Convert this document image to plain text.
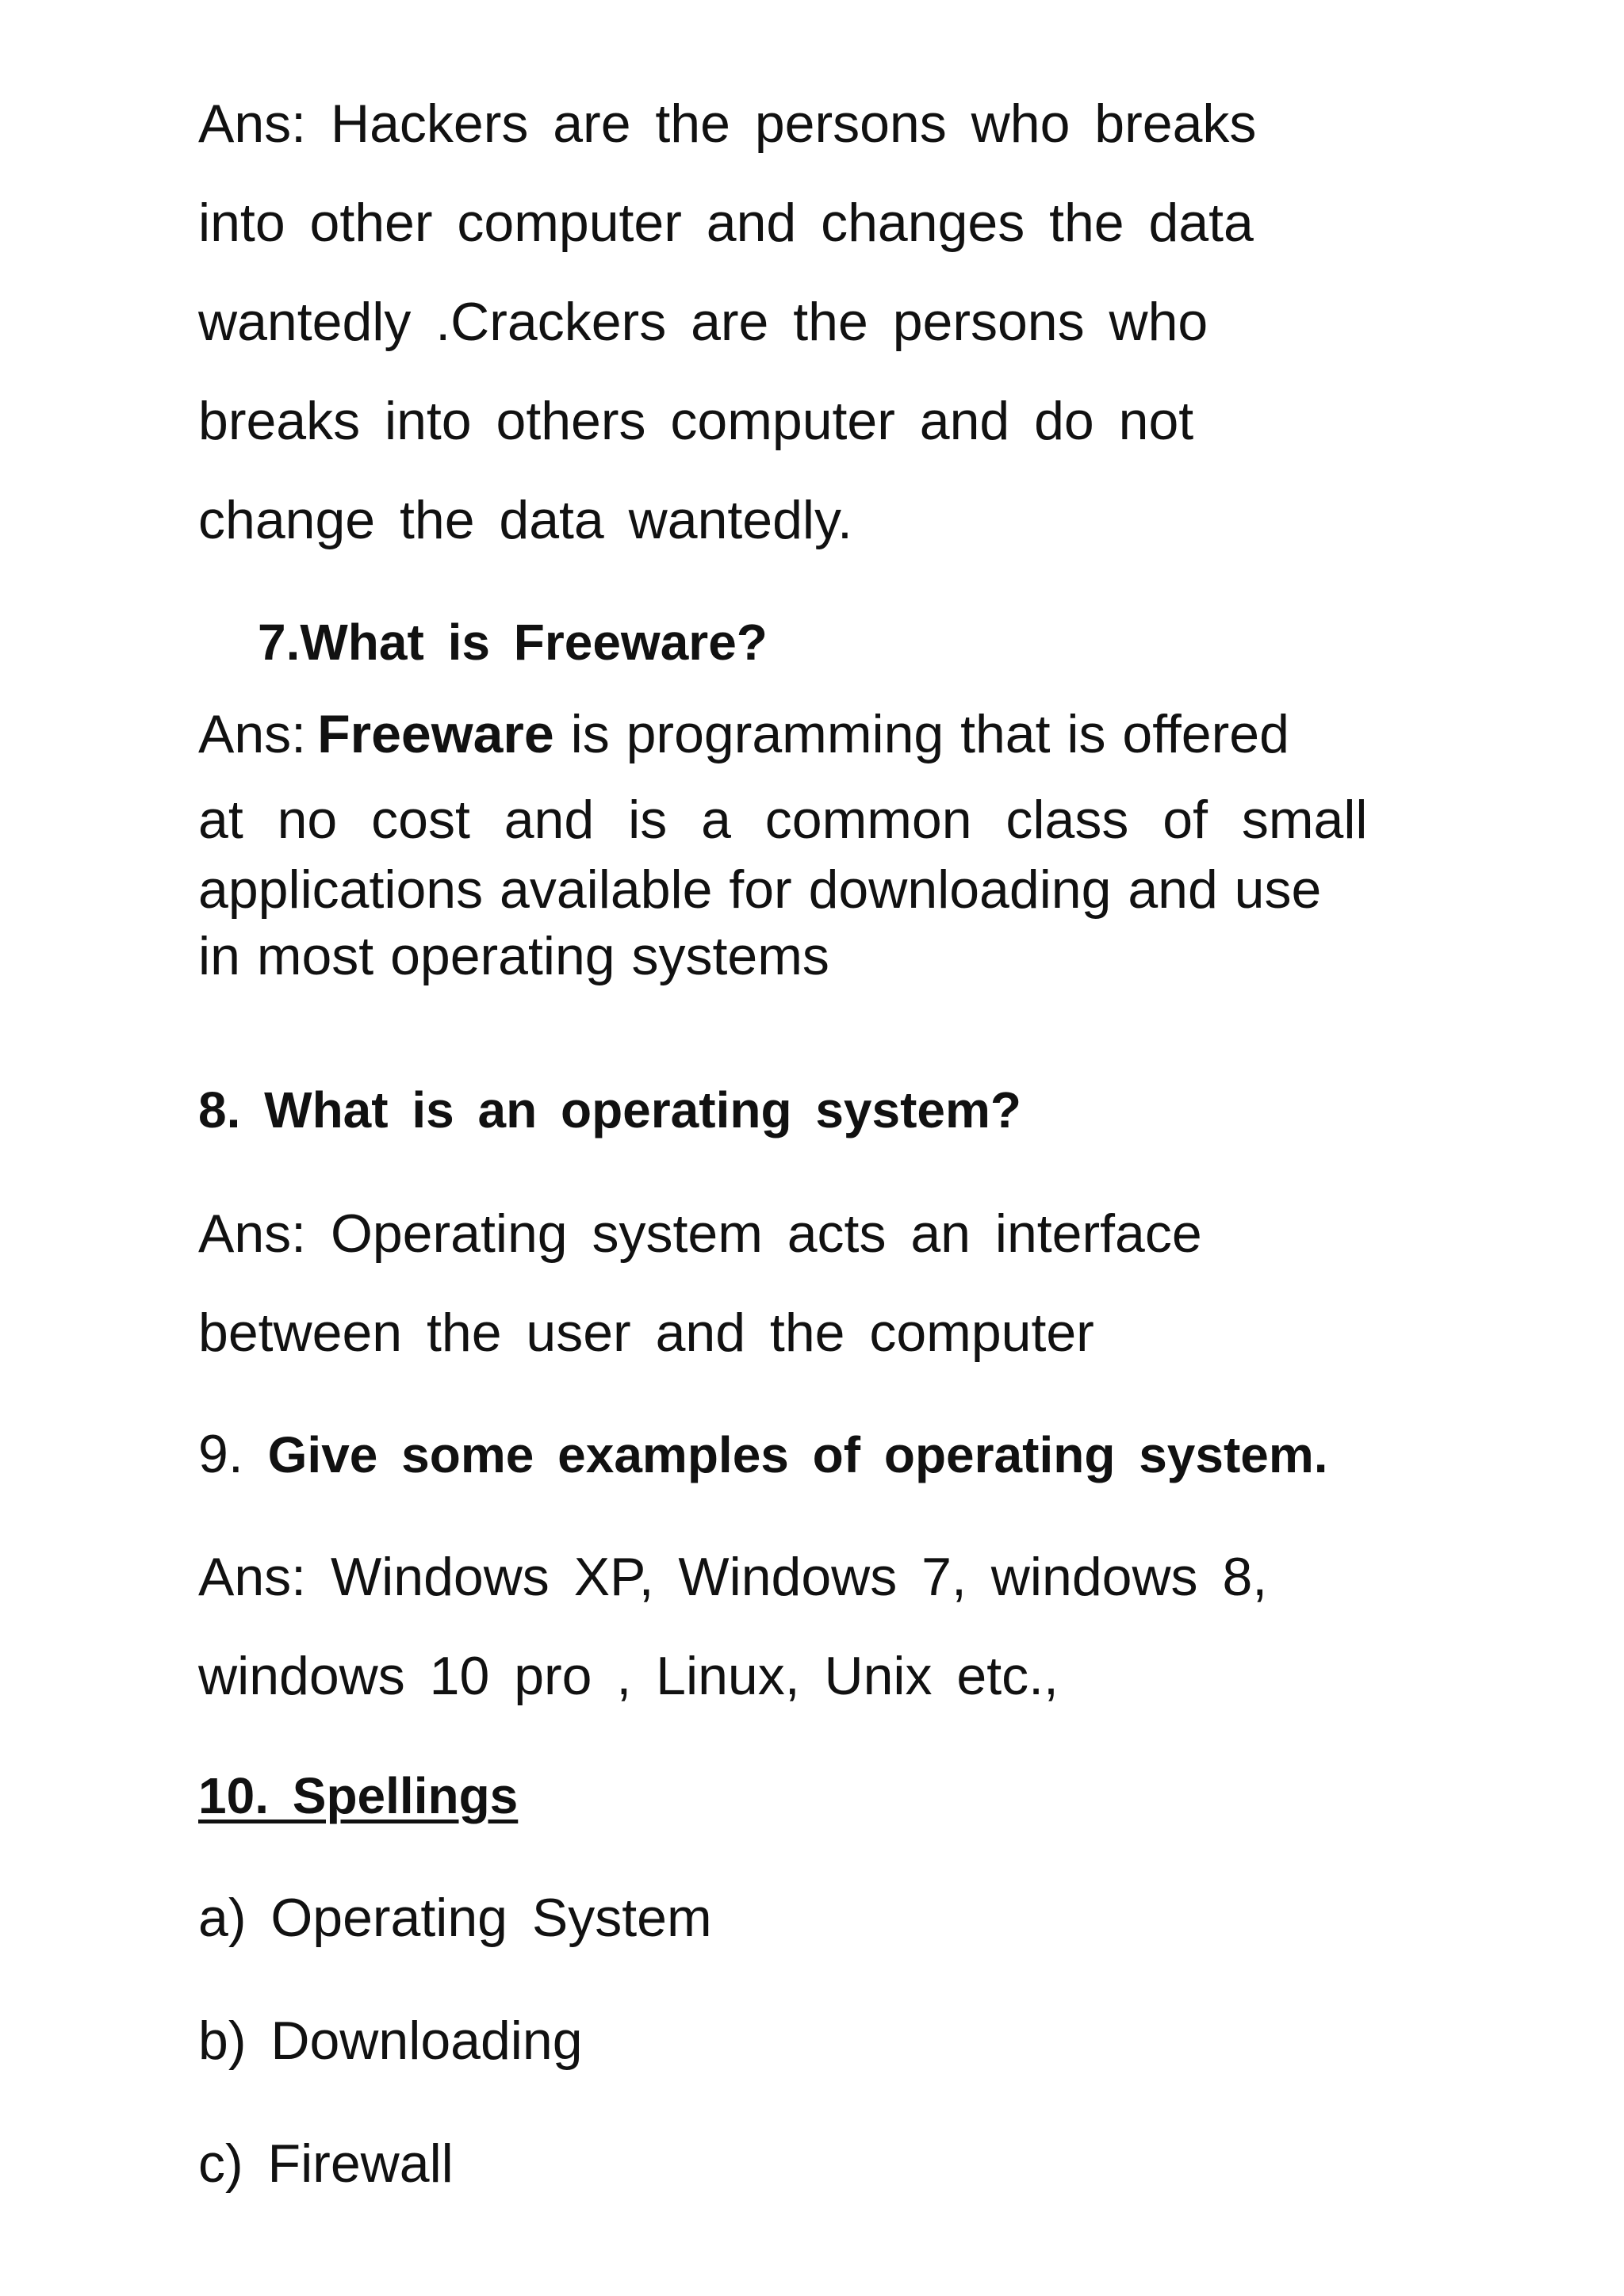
Ans: Hackers are the persons who breaks
into other computer and changes the data
wantedly .Crackers are the persons who
breaks into others computer and do not
change the data wantedly.
7.What is Freeware?
Ans: Freeware is programming that is offered
at no cost and is a common class of small
applications available for downloading and use
in most operating systems
8. What is an operating system?
Ans: Operating system acts an interface
between the user and the computer
9. Give some examples of operating system.
Ans: Windows XP, Windows 7, windows 8,
windows 10 pro , Linux, Unix etc.,
10. Spellings
a) Operating System
b) Downloading
c) Firewall
